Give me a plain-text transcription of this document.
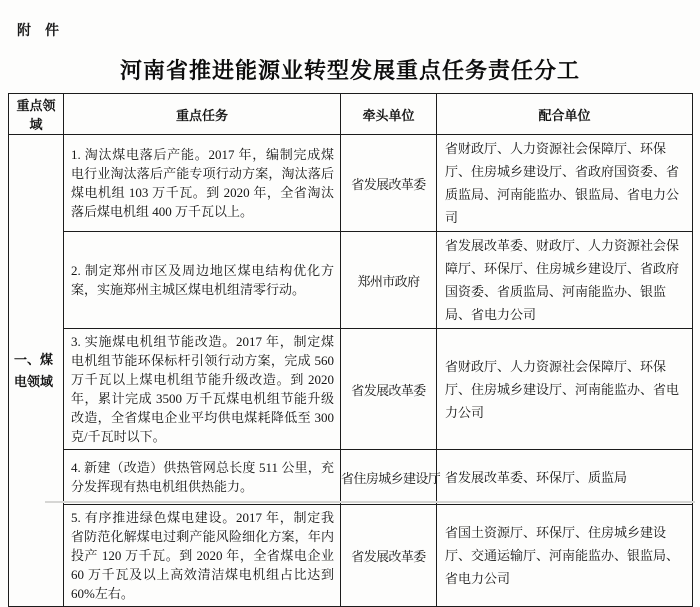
附　件
河南省推进能源业转型发展重点任务责任分工
重点领域	重点任务	牵头单位	配合单位
一、煤电领域	1. 淘汰煤电落后产能。2017 年，编制完成煤电行业淘汰落后产能专项行动方案，淘汰落后煤电机组 103 万千瓦。到 2020 年，全省淘汰落后煤电机组 400 万千瓦以上。	省发展改革委	省财政厅、人力资源社会保障厅、环保厅、住房城乡建设厅、省政府国资委、省质监局、河南能监办、银监局、省电力公司
	2. 制定郑州市区及周边地区煤电结构优化方案，实施郑州主城区煤电机组清零行动。	郑州市政府	省发展改革委、财政厅、人力资源社会保障厅、环保厅、住房城乡建设厅、省政府国资委、省质监局、河南能监办、银监局、省电力公司
	3. 实施煤电机组节能改造。2017 年，制定煤电机组节能环保标杆引领行动方案，完成 560 万千瓦以上煤电机组节能升级改造。到 2020 年，累计完成 3500 万千瓦煤电机组节能升级改造，全省煤电企业平均供电煤耗降低至 300 克/千瓦时以下。	省发展改革委	省财政厅、人力资源社会保障厅、环保厅、住房城乡建设厅、河南能监办、省电力公司
	4. 新建（改造）供热管网总长度 511 公里，充分发挥现有热电机组供热能力。	省住房城乡建设厅	省发展改革委、环保厅、质监局
	5. 有序推进绿色煤电建设。2017 年，制定我省防范化解煤电过剩产能风险细化方案，年内投产 120 万千瓦。到 2020 年，全省煤电企业 60 万千瓦及以上高效清洁煤电机组占比达到 60%左右。	省发展改革委	省国土资源厅、环保厅、住房城乡建设厅、交通运输厅、河南能监办、银监局、省电力公司
